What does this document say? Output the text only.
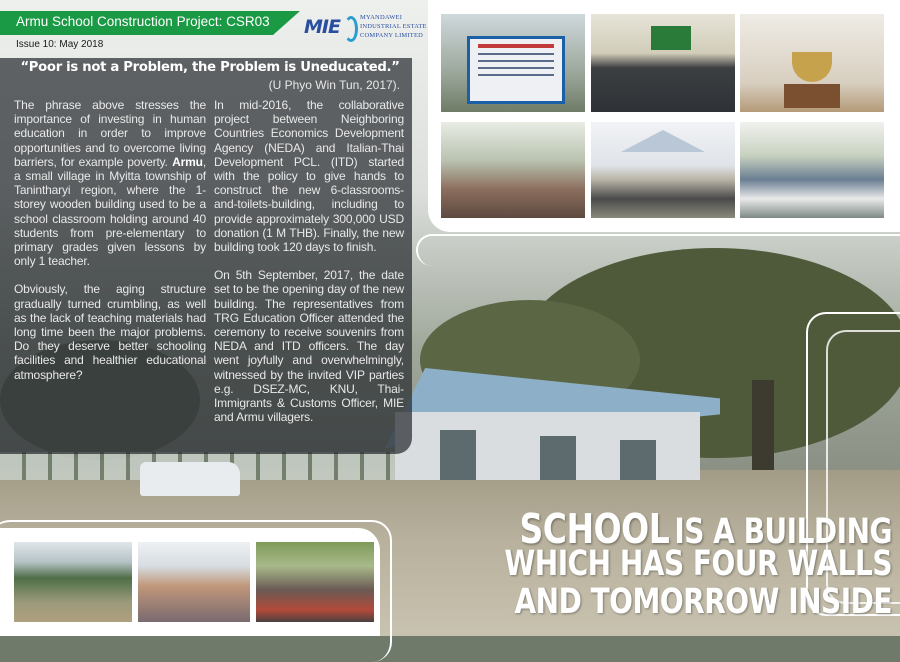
Armu School Construction Project: CSR03
Issue 10: May 2018
MIE	MYANDAWEI
INDUSTRIAL ESTATE
COMPANY LIMITED
“Poor is not a Problem, the Problem is Uneducated.”
(U Phyo Win Tun, 2017).

The phrase above stresses the importance of investing in human education in order to improve opportunities and to overcome living barriers, for example poverty. Armu, a small village in Myitta township of Tanintharyi region, where the 1-storey wooden building used to be a school classroom holding around 40 students from pre-elementary to primary grades given lessons by only 1 teacher.

Obviously, the aging structure gradually turned crumbling, as well as the lack of teaching materials had long time been the major problems. Do they deserve better schooling facilities and healthier educational atmosphere?

In mid-2016, the collaborative project between Neighboring Countries Economics Development Agency (NEDA) and Italian-Thai Development PCL. (ITD) started with the policy to give hands to construct the new 6-classrooms-and-toilets-building, including to provide approximately 300,000 USD donation (1 M THB). Finally, the new building took 120 days to finish.

On 5th September, 2017, the date set to be the opening day of the new building. The representatives from TRG Education Officer attended the ceremony to receive souvenirs from NEDA and ITD officers. The day went joyfully and overwhelmingly, witnessed by the invited VIP parties e.g. DSEZ-MC, KNU, Thai-Immigrants & Customs Officer, MIE and Armu villagers.

SCHOOL IS A BUILDING
WHICH HAS FOUR WALLS
AND TOMORROW INSIDE
